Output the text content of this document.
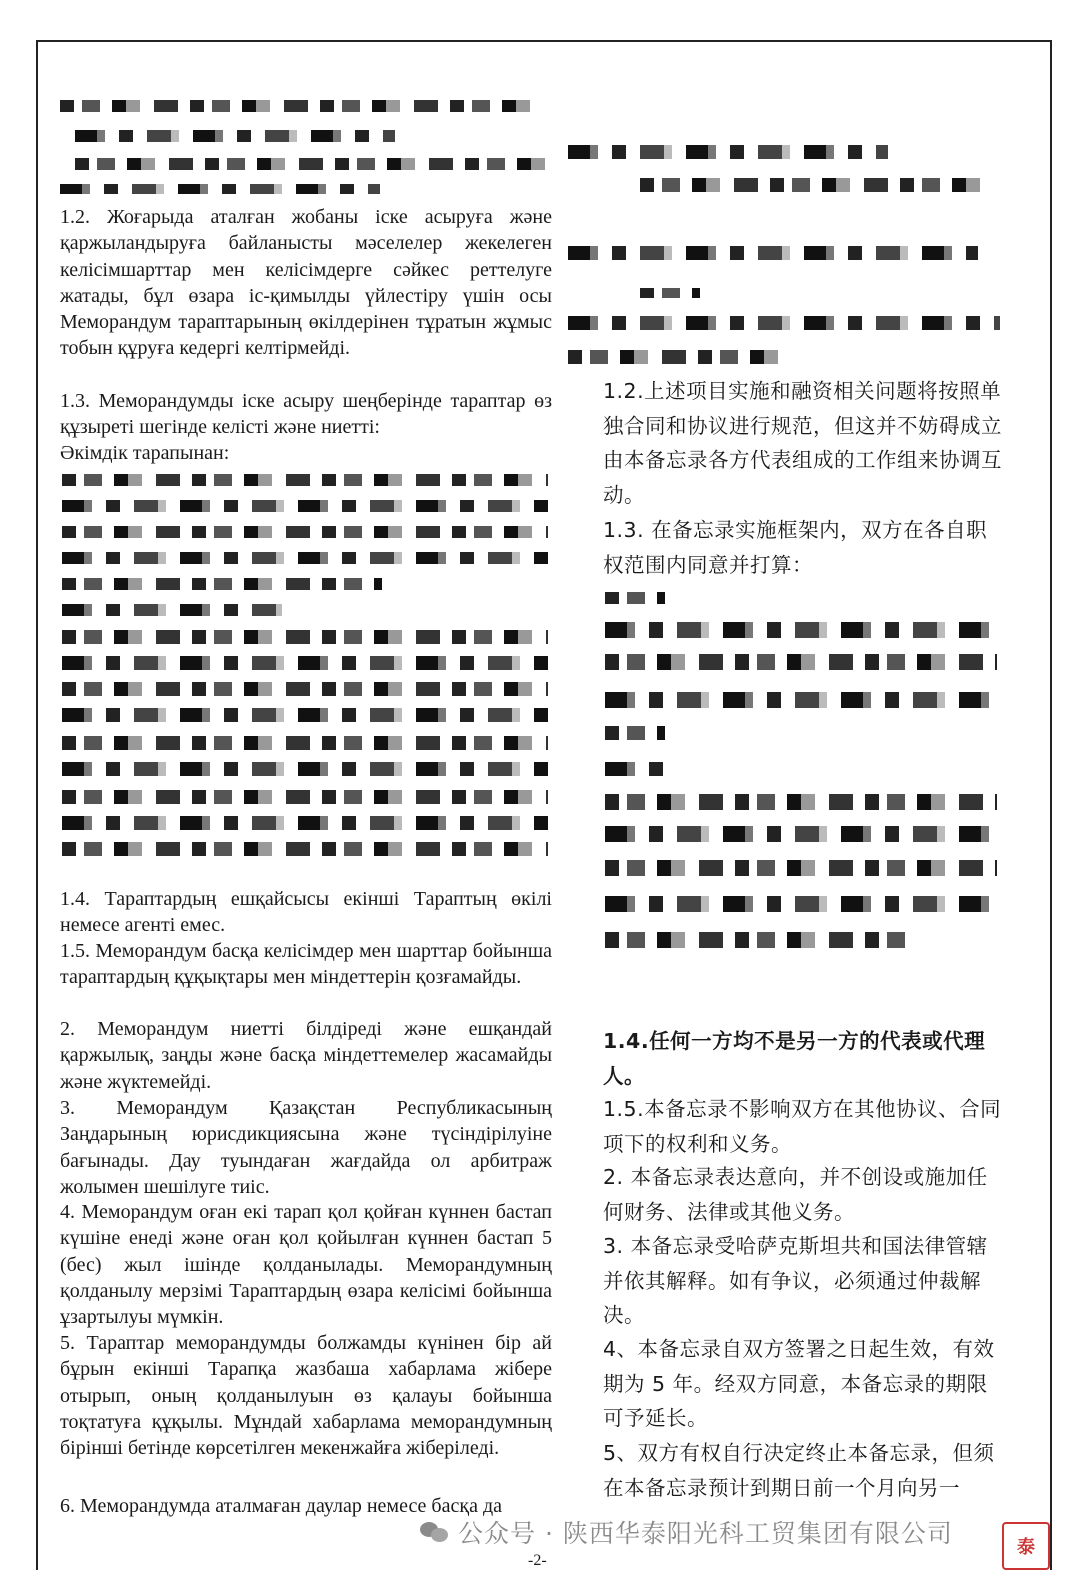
1.2. Жоғарыда аталған жобаны іске асыруға және қаржыландыруға байланысты мәселелер жекелеген келісімшарттар мен келісімдерге сәйкес реттелуге жатады, бұл өзара іс-қимылды үйлестіру үшін осы Меморандум тараптарының өкілдерінен тұратын жұмыс тобын құруға кедергі келтірмейді.

1.3. Меморандумды іске асыру шеңберінде тараптар өз құзыреті шегінде келісті және ниетті:

Әкімдік тарапынан:

1.4. Тараптардың ешқайсысы екінші Тараптың өкілі немесе агенті емес.

1.5. Меморандум басқа келісімдер мен шарттар бойынша тараптардың құқықтары мен міндеттерін қозғамайды.

2. Меморандум ниетті білдіреді және ешқандай қаржылық, заңды және басқа міндеттемелер жасамайды және жүктемейді.

3. Меморандум Қазақстан Республикасының Заңдарының юрисдикциясына және түсіндірілуіне бағынады. Дау туындаған жағдайда ол арбитраж жолымен шешілуге тиіс.

4. Меморандум оған екі тарап қол қойған күннен бастап күшіне енеді және оған қол қойылған күннен бастап 5 (бес) жыл ішінде қолданылады. Меморандумның қолданылу мерзімі Тараптардың өзара келісімі бойынша ұзартылуы мүмкін.

5. Тараптар меморандумды болжамды күнінен бір ай бұрын екінші Тарапқа жазбаша хабарлама жібере отырып, оның қолданылуын өз қалауы бойынша тоқтатуға құқылы. Мұндай хабарлама меморандумның бірінші бетінде көрсетілген мекенжайға жіберіледі.

6. Меморандумда аталмаған даулар немесе басқа да

1.2.上述项目实施和融资相关问题将按照单独合同和协议进行规范，但这并不妨碍成立由本备忘录各方代表组成的工作组来协调互动。

1.3. 在备忘录实施框架内，双方在各自职权范围内同意并打算：

1.4.任何一方均不是另一方的代表或代理人。

1.5.本备忘录不影响双方在其他协议、合同项下的权利和义务。

2. 本备忘录表达意向，并不创设或施加任何财务、法律或其他义务。

3. 本备忘录受哈萨克斯坦共和国法律管辖并依其解释。如有争议，必须通过仲裁解决。

4、本备忘录自双方签署之日起生效，有效期为 5 年。经双方同意，本备忘录的期限可予延长。

5、双方有权自行决定终止本备忘录，但须在本备忘录预计到期日前一个月向另一

公众号 · 陕西华泰阳光科工贸集团有限公司
-2-
泰
